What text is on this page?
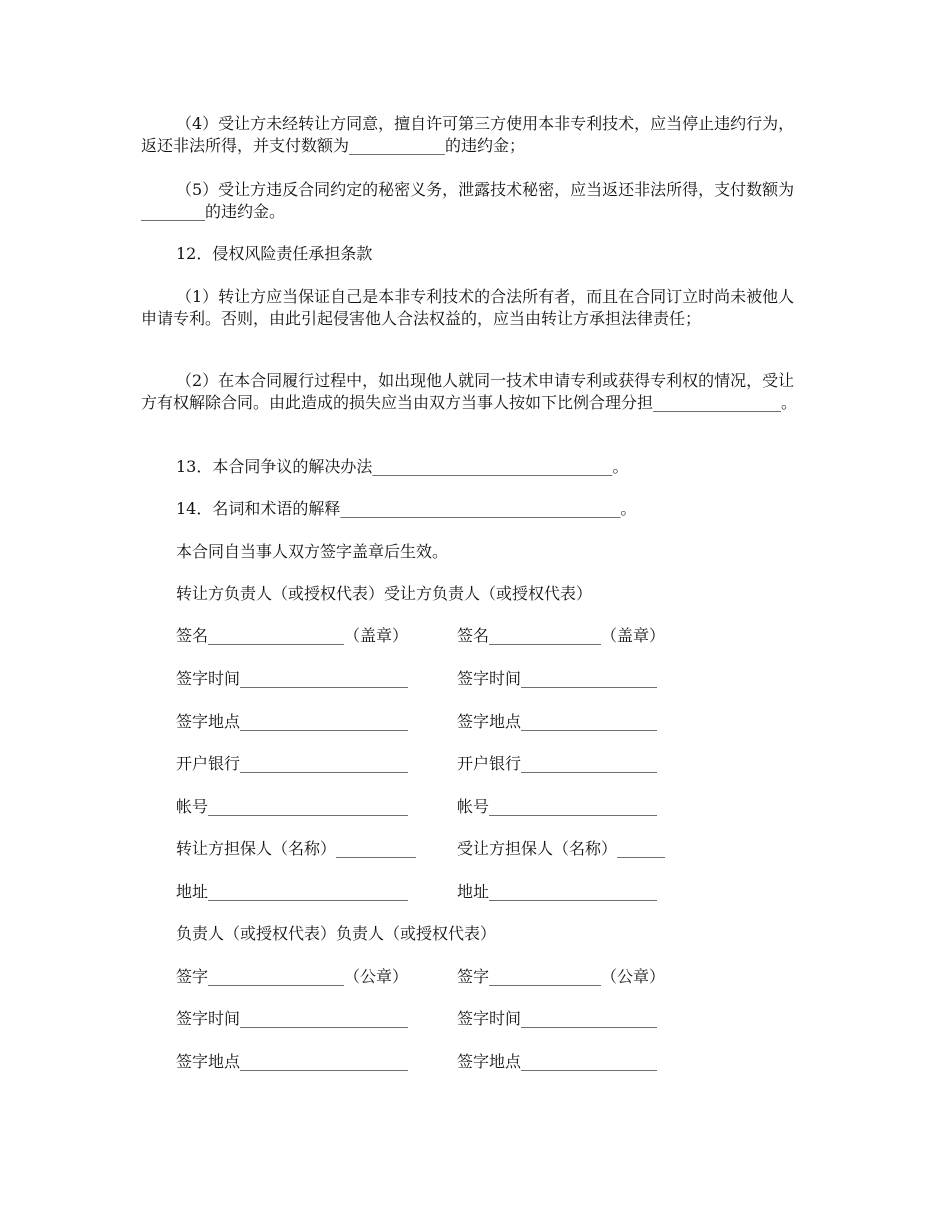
（4）受让方未经转让方同意，擅自许可第三方使用本非专利技术，应当停止违约行为，返还非法所得，并支付数额为____________的违约金；

（5）受让方违反合同约定的秘密义务，泄露技术秘密，应当返还非法所得，支付数额为________的违约金。

12．侵权风险责任承担条款

（1）转让方应当保证自己是本非专利技术的合法所有者，而且在合同订立时尚未被他人申请专利。否则，由此引起侵害他人合法权益的，应当由转让方承担法律责任；

（2）在本合同履行过程中，如出现他人就同一技术申请专利或获得专利权的情况，受让方有权解除合同。由此造成的损失应当由双方当事人按如下比例合理分担________________。

13．本合同争议的解决办法______________________________。

14．名词和术语的解释___________________________________。

本合同自当事人双方签字盖章后生效。

转让方负责人（或授权代表）受让方负责人（或授权代表）

签名_________________（盖章）	签名______________（盖章）
签字时间_____________________	签字时间_________________
签字地点_____________________	签字地点_________________
开户银行_____________________	开户银行_________________
帐号_________________________	帐号_____________________
转让方担保人（名称）__________	受让方担保人（名称）______
地址_________________________	地址_____________________

负责人（或授权代表）负责人（或授权代表）

签字_________________（公章）	签字______________（公章）
签字时间_____________________	签字时间_________________
签字地点_____________________	签字地点_________________
